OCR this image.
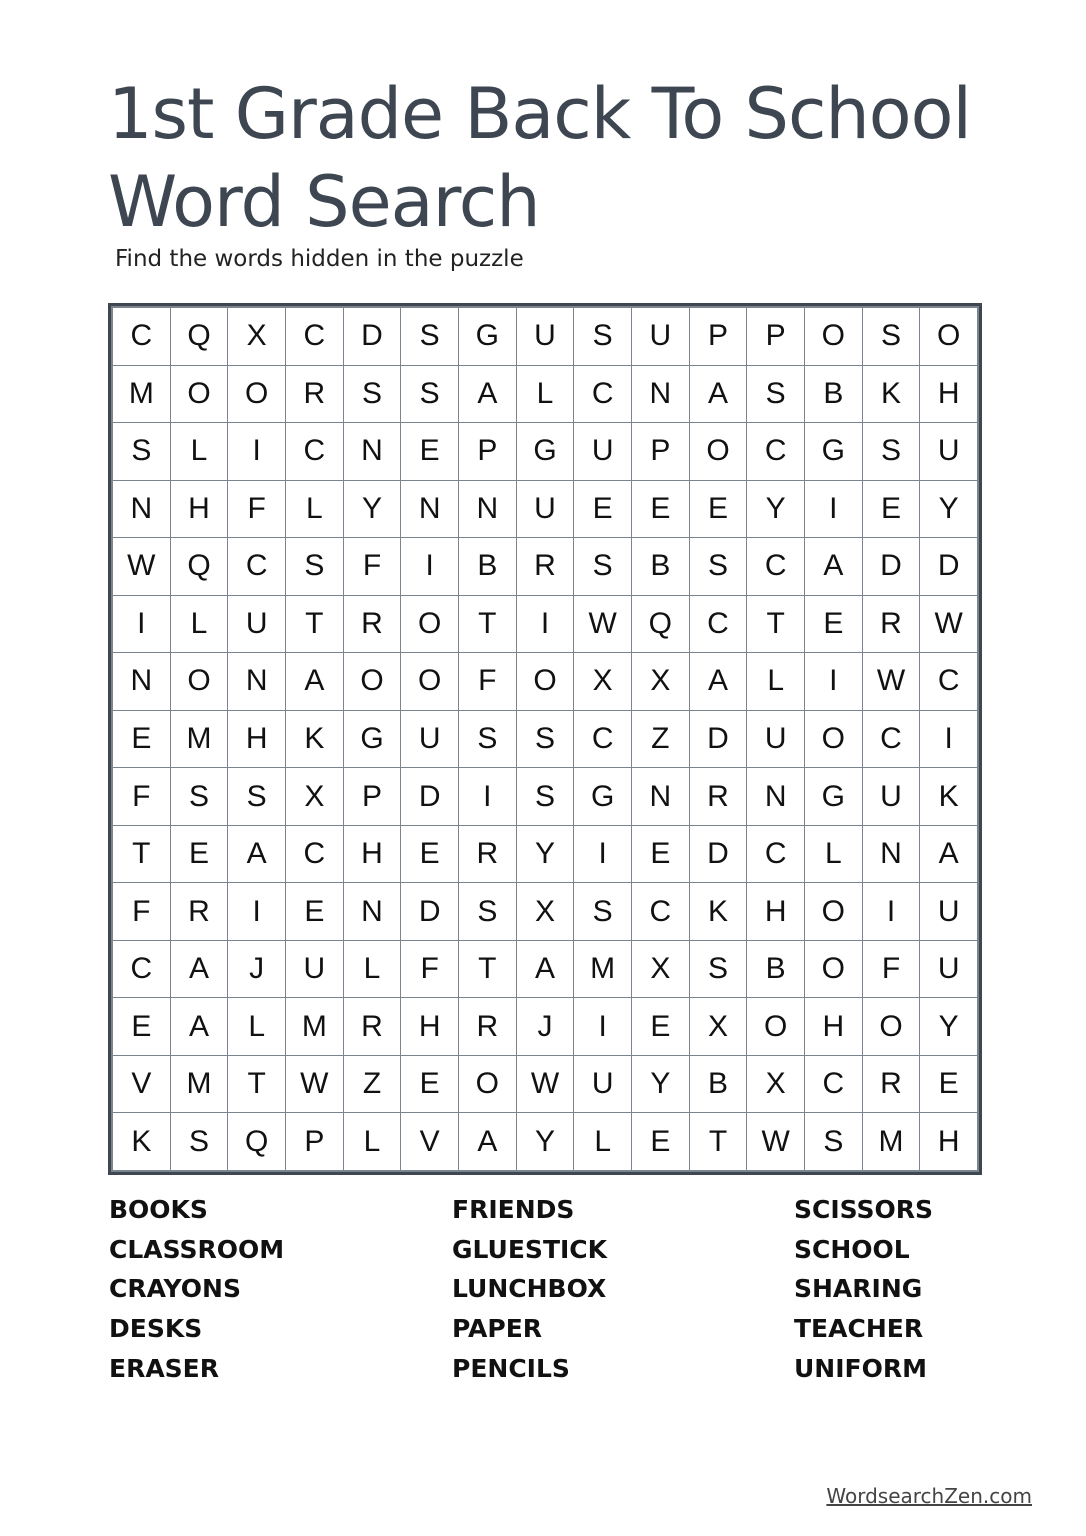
1st Grade Back To School
Word Search
Find the words hidden in the puzzle
C	Q	X	C	D	S	G	U	S	U	P	P	O	S	O
M	O	O	R	S	S	A	L	C	N	A	S	B	K	H
S	L	I	C	N	E	P	G	U	P	O	C	G	S	U
N	H	F	L	Y	N	N	U	E	E	E	Y	I	E	Y
W	Q	C	S	F	I	B	R	S	B	S	C	A	D	D
I	L	U	T	R	O	T	I	W	Q	C	T	E	R	W
N	O	N	A	O	O	F	O	X	X	A	L	I	W	C
E	M	H	K	G	U	S	S	C	Z	D	U	O	C	I
F	S	S	X	P	D	I	S	G	N	R	N	G	U	K
T	E	A	C	H	E	R	Y	I	E	D	C	L	N	A
F	R	I	E	N	D	S	X	S	C	K	H	O	I	U
C	A	J	U	L	F	T	A	M	X	S	B	O	F	U
E	A	L	M	R	H	R	J	I	E	X	O	H	O	Y
V	M	T	W	Z	E	O	W	U	Y	B	X	C	R	E
K	S	Q	P	L	V	A	Y	L	E	T	W	S	M	H
BOOKS
CLASSROOM
CRAYONS
DESKS
ERASER
FRIENDS
GLUESTICK
LUNCHBOX
PAPER
PENCILS
SCISSORS
SCHOOL
SHARING
TEACHER
UNIFORM
WordsearchZen.com
